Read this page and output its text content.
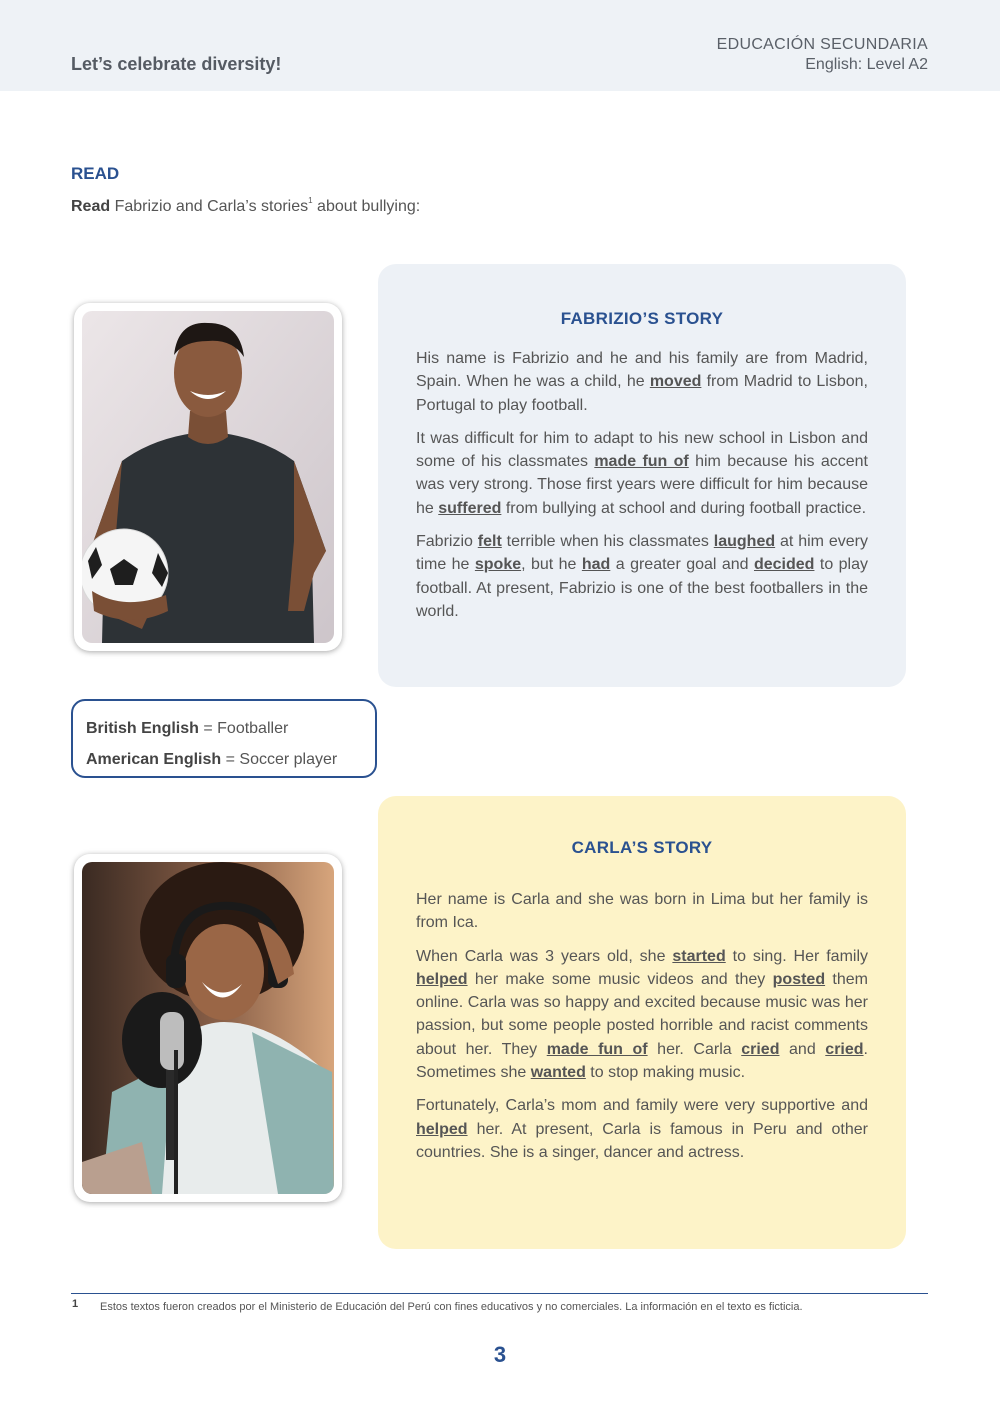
Let’s celebrate diversity!
EDUCACIÓN SECUNDARIA
English: Level A2
READ
Read Fabrizio and Carla’s stories$^1$ about bullying:
FABRIZIO’S STORY

His name is Fabrizio and he and his family are from Madrid, Spain. When he was a child, he moved from Madrid to Lisbon, Portugal to play football.

It was difficult for him to adapt to his new school in Lisbon and some of his classmates made fun of him because his accent was very strong. Those first years were difficult for him because he suffered from bullying at school and during football practice.

Fabrizio felt terrible when his classmates laughed at him every time he spoke, but he had a greater goal and decided to play football. At present, Fabrizio is one of the best footballers in the world.

British English = Footballer
American English = Soccer player
CARLA’S STORY

Her name is Carla and she was born in Lima but her family is from Ica.

When Carla was 3 years old, she started to sing. Her family helped her make some music videos and they posted them online. Carla was so happy and excited because music was her passion, but some people posted horrible and racist comments about her. They made fun of her. Carla cried and cried. Sometimes she wanted to stop making music.

Fortunately, Carla’s mom and family were very supportive and helped her. At present, Carla is famous in Peru and other countries. She is a singer, dancer and actress.

1 Estos textos fueron creados por el Ministerio de Educación del Perú con fines educativos y no comerciales. La información en el texto es ficticia.
3
